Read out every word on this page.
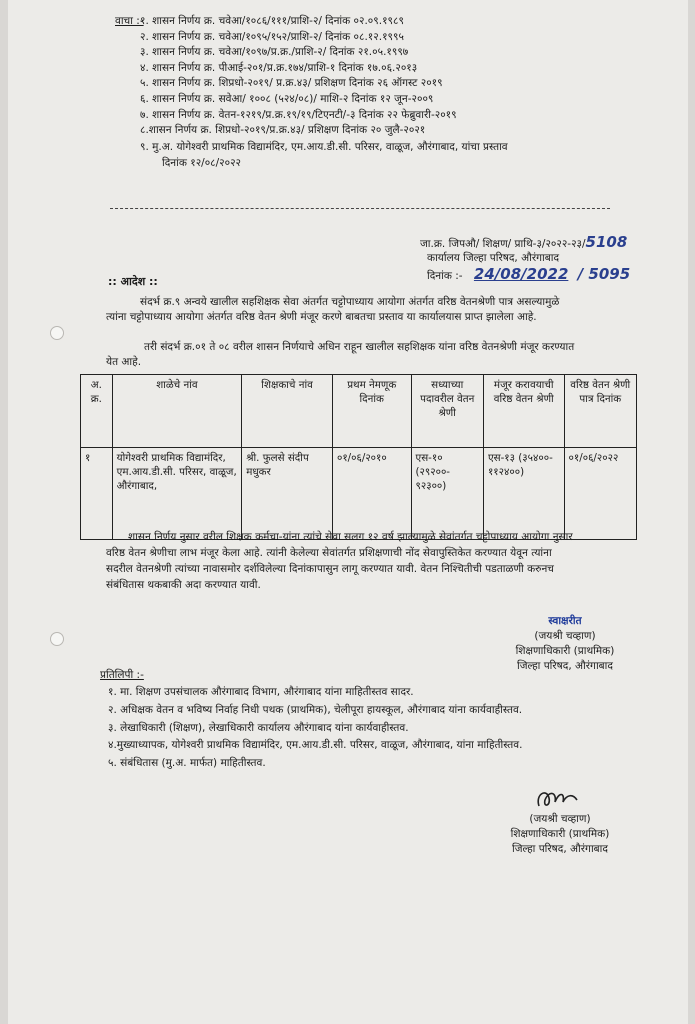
वाचा :-
१. शासन निर्णय क्र. चवेआ/१०८६/१११/प्राशि-२/ दिनांक ०२.०९.१९८९
२. शासन निर्णय क्र. चवेआ/१०९५/१५२/प्राशि-२/ दिनांक ०८.१२.१९९५
३. शासन निर्णय क्र. चवेआ/१०९७/प्र.क्र./प्राशि-२/ दिनांक २१.०५.१९९७
४. शासन निर्णय क्र. पीआई-२०१/प्र.क्र.१७४/प्राशि-१ दिनांक १७.०६.२०१३
५. शासन निर्णय क्र. शिप्रधो-२०१९/ प्र.क्र.४३/ प्रशिक्षण दिनांक २६ ऑगस्ट २०१९
६. शासन निर्णय क्र. सवेआ/ १००८ (५२४/०८)/ माशि-२ दिनांक १२ जून-२००९
७. शासन निर्णय क्र. वेतन-१२१९/प्र.क्र.१९/१९/टिएनटी/-३ दिनांक २२ फेब्रुवारी-२०१९
८.शासन निर्णय क्र. शिप्रधो-२०१९/प्र.क्र.४३/ प्रशिक्षण दिनांक २० जुलै-२०२१
९. मु.अ. योगेश्वरी प्राथमिक विद्यामंदिर, एम.आय.डी.सी. परिसर, वाळूज, औरंगाबाद, यांचा प्रस्ताव
दिनांक १२/०८/२०२२
जा.क्र. जिपऔ/ शिक्षण/ प्राथि-३/२०२२-२३/5108
कार्यालय जिल्हा परिषद, औरंगाबाद
दिनांक :- 24/08/2022 / 5095
:: आदेश ::
संदर्भ क्र.९ अन्वये खालील सहशिक्षक सेवा अंतर्गत चट्टोपाध्याय आयोगा अंतर्गत वरिष्ठ वेतनश्रेणी पात्र असल्यामुळे
त्यांना चट्टोपाध्याय आयोगा अंतर्गत वरिष्ठ वेतन श्रेणी मंजूर करणे बाबतचा प्रस्ताव या कार्यालयास प्राप्त झालेला आहे.
तरी संदर्भ क्र.०१ ते ०८ वरील शासन निर्णयाचे अधिन राहून खालील सहशिक्षक यांना वरिष्ठ वेतनश्रेणी मंजूर करण्यात
येत आहे.
अ. क्र.	शाळेचे नांव	शिक्षकाचे नांव	प्रथम नेमणूक दिनांक	सध्याच्या पदावरील वेतन श्रेणी	मंजूर करावयाची वरिष्ठ वेतन श्रेणी	वरिष्ठ वेतन श्रेणी पात्र दिनांक
१	योगेश्वरी प्राथमिक विद्यामंदिर, एम.आय.डी.सी. परिसर, वाळूज, औरंगाबाद,	श्री. फुलसे संदीप मधुकर	०१/०६/२०१०	एस-१० (२९२००- ९२३००)	एस-१३ (३५४००- ११२४००)	०१/०६/२०२२
शासन निर्णय नुसार वरील शिक्षक कर्मचा-यांना त्यांचे सेवा सलग १२ वर्ष झाल्यामुळे सेवांतर्गत चट्टोपाध्याय आयोगा नुसार
वरिष्ठ वेतन श्रेणीचा लाभ मंजूर केला आहे. त्यांनी केलेल्या सेवांतर्गत प्रशिक्षणाची नोंद सेवापुस्तिकेत करण्यात येवून त्यांना
सदरील वेतनश्रेणी त्यांच्या नावासमोर दर्शविलेल्या दिनांकापासुन लागू करण्यात यावी. वेतन निश्चितीची पडताळणी करुनच
संबंधितास थकबाकी अदा करण्यात यावी.
स्वाक्षरीत
(जयश्री चव्हाण)
शिक्षणाधिकारी (प्राथमिक)
जिल्हा परिषद, औरंगाबाद
प्रतिलिपी :-
१. मा. शिक्षण उपसंचालक औरंगाबाद विभाग, औरंगाबाद यांना माहितीस्तव सादर.
२. अधिक्षक वेतन व भविष्य निर्वाह निधी पथक (प्राथमिक), चेलीपूरा हायस्कूल, औरंगाबाद यांना कार्यवाहीस्तव.
३. लेखाधिकारी (शिक्षण), लेखाधिकारी कार्यालय औरंगाबाद यांना कार्यवाहीस्तव.
४.मुख्याध्यापक, योगेश्वरी प्राथमिक विद्यामंदिर, एम.आय.डी.सी. परिसर, वाळूज, औरंगाबाद, यांना माहितीस्तव.
५. संबंधितास (मु.अ. मार्फत) माहितीस्तव.
(जयश्री चव्हाण)
शिक्षणाधिकारी (प्राथमिक)
जिल्हा परिषद, औरंगाबाद
